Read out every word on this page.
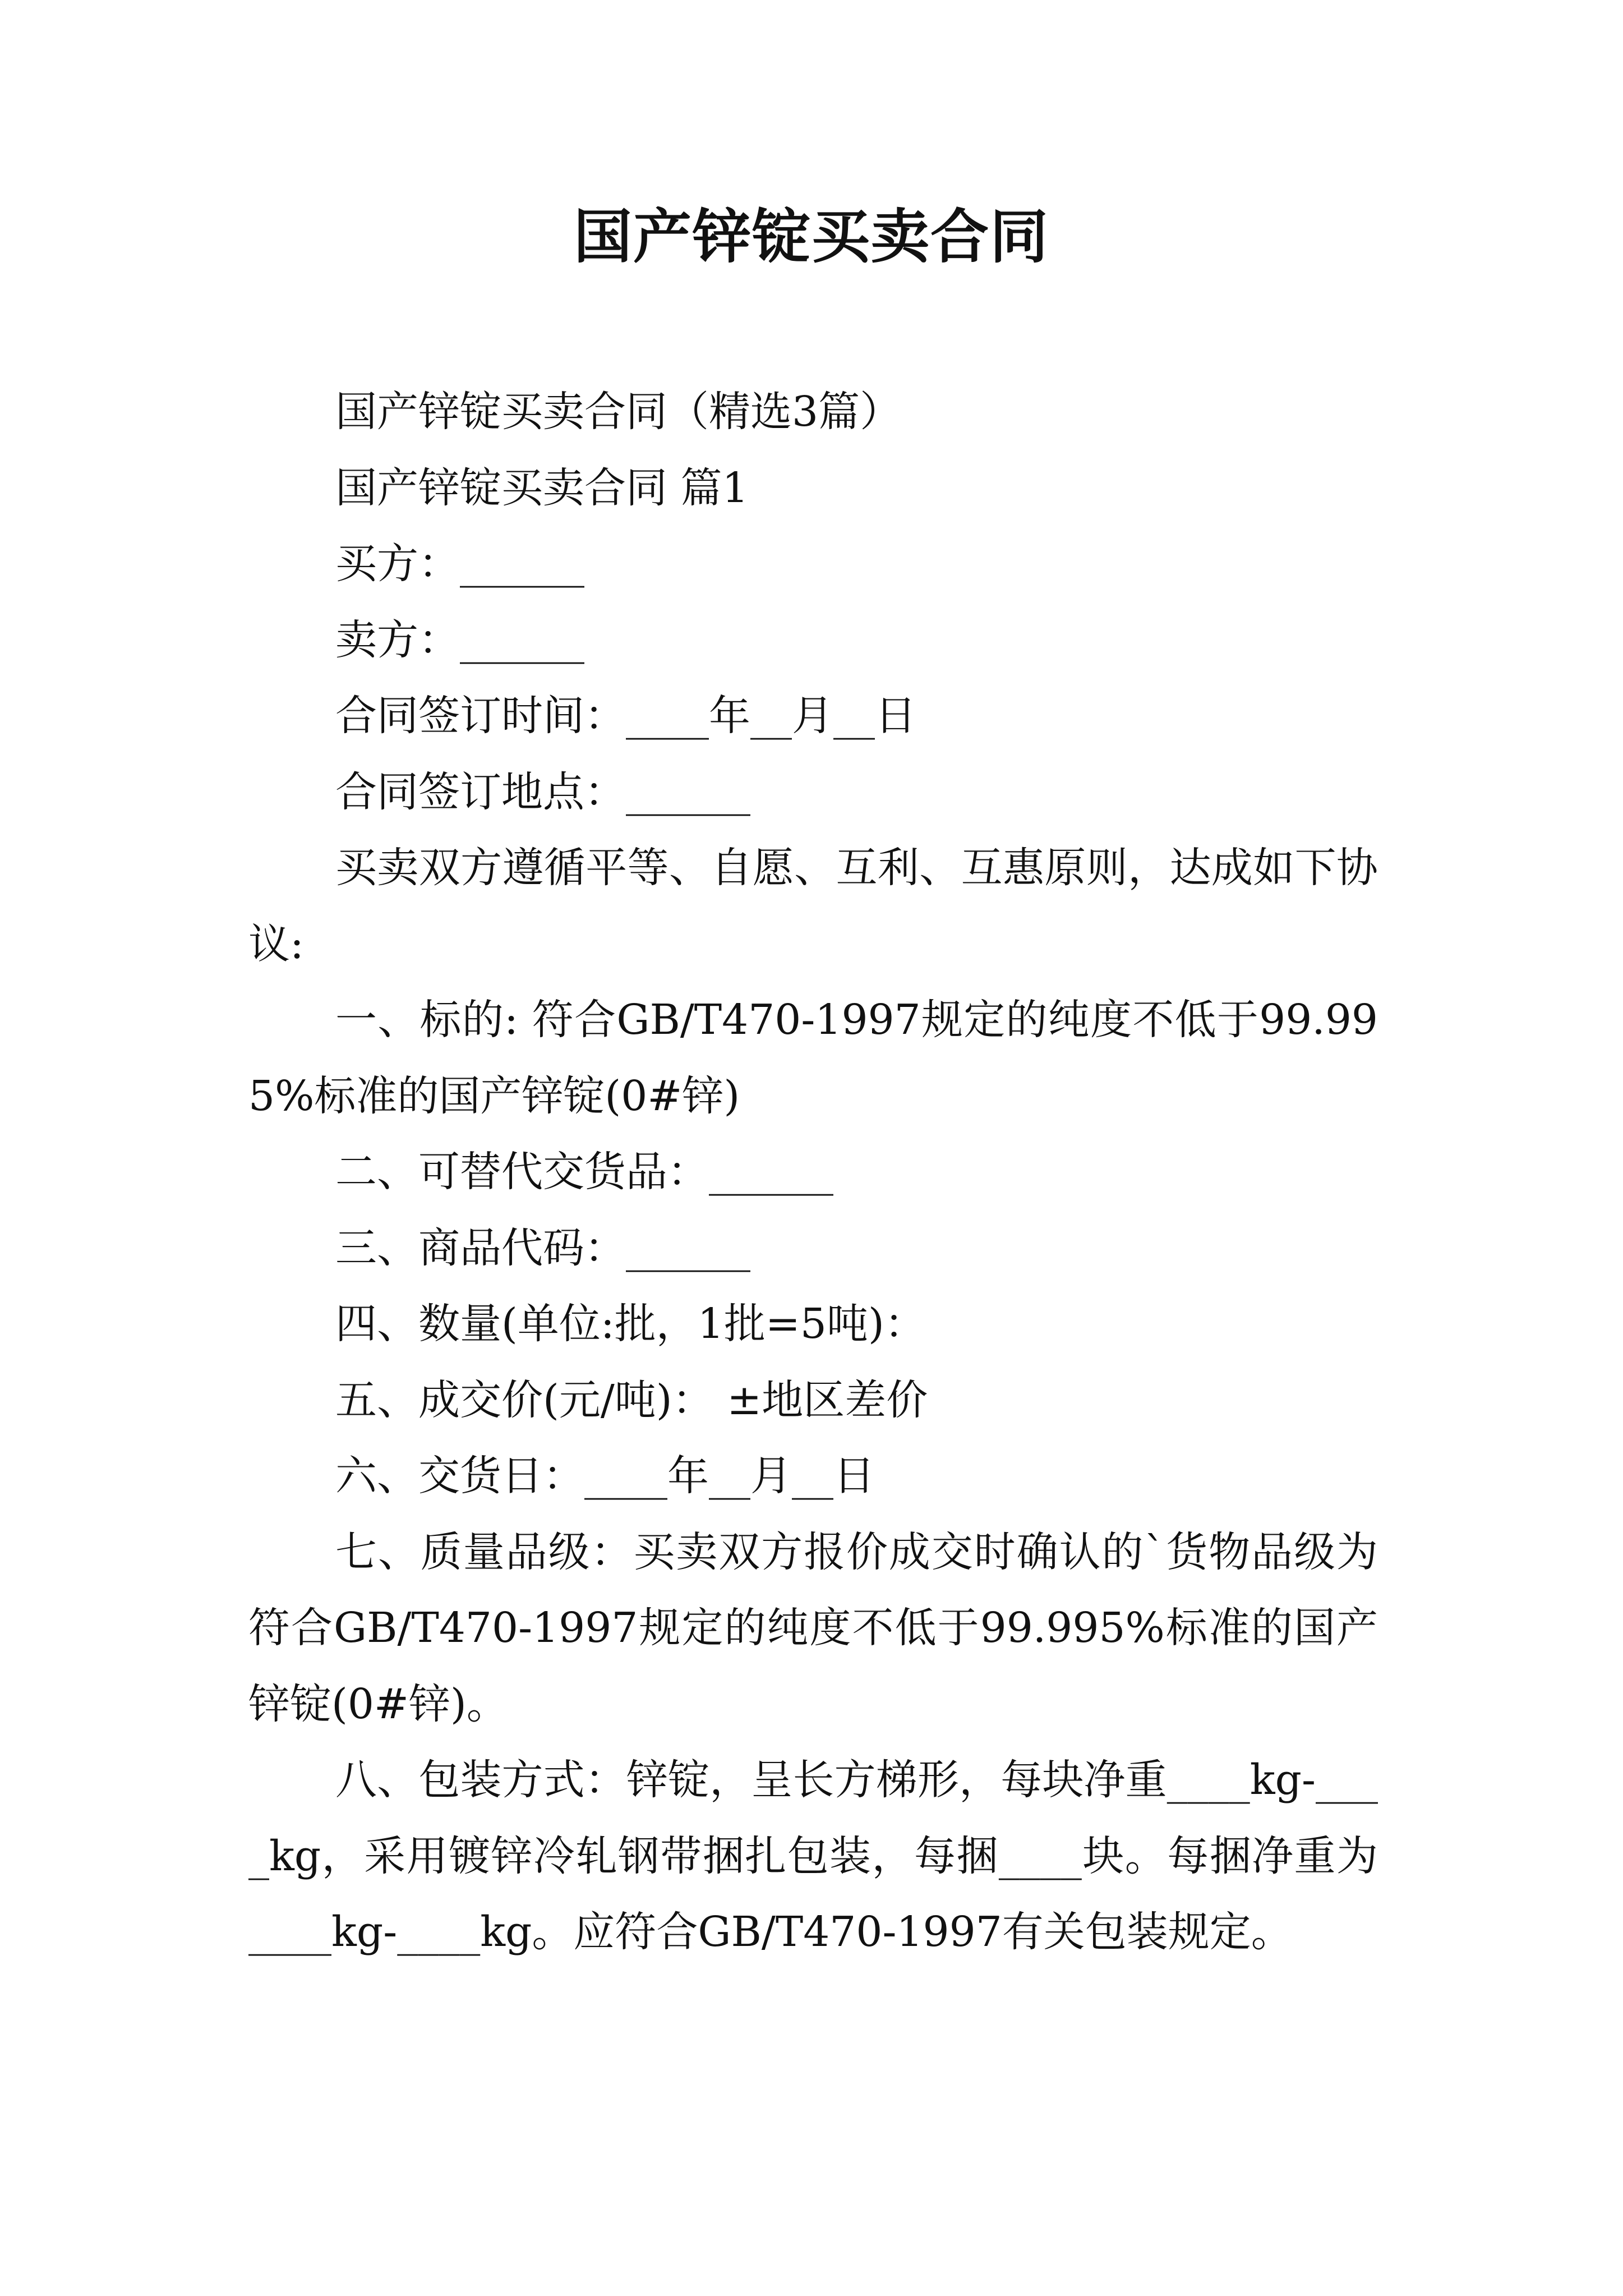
国产锌锭买卖合同

国产锌锭买卖合同（精选3篇）

国产锌锭买卖合同 篇1

买方：______

卖方：______

合同签订时间：____年__月__日

合同签订地点：______

买卖双方遵循平等、自愿、互利、互惠原则，达成如下协议:

一、标的: 符合GB/T470-1997规定的纯度不低于99.995%标准的国产锌锭(0#锌)

二、可替代交货品：______

三、商品代码：______

四、数量(单位:批，1批=5吨)：

五、成交价(元/吨)： ±地区差价

六、交货日：____年__月__日

七、质量品级：买卖双方报价成交时确认的`货物品级为符合GB/T470-1997规定的纯度不低于99.995%标准的国产锌锭(0#锌)。

八、包装方式：锌锭，呈长方梯形，每块净重____kg-____kg，采用镀锌冷轧钢带捆扎包装，每捆____块。每捆净重为____kg-____kg。应符合GB/T470-1997有关包装规定。
